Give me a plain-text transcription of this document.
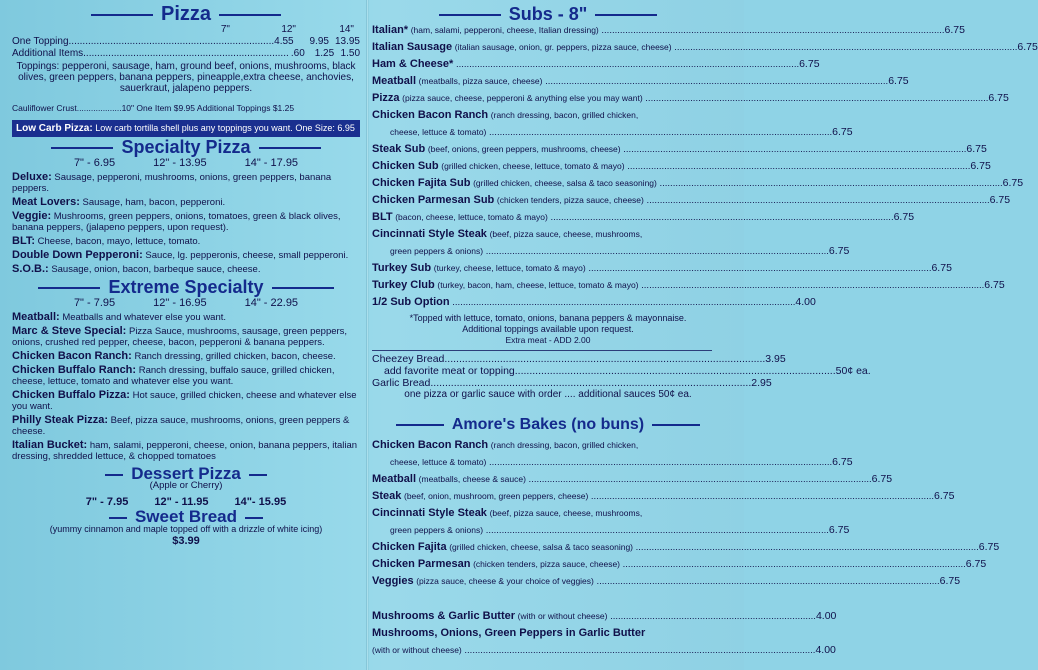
Pizza
7"	12"	14"
One Topping .......................................................................... 4.55	9.95 13.95
Additional Items .......................................................................... .60 1.25 1.50
Toppings: pepperoni, sausage, ham, ground beef, onions, mushrooms, black olives, green peppers, banana peppers, pineapple,extra cheese, anchovies, sauerkraut, jalapeno peppers.
Cauliflower Crust...................10" One Item $9.95 Additional Toppings $1.25
Low Carb Pizza: Low carb tortilla shell plus any toppings you want. One Size: 6.95
Specialty Pizza
7" - 6.95	12" - 13.95	14" - 17.95
Deluxe: Sausage, pepperoni, mushrooms, onions, green peppers, banana peppers.
Meat Lovers: Sausage, ham, bacon, pepperoni.
Veggie: Mushrooms, green peppers, onions, tomatoes, green & black olives, banana peppers, (jalapeno peppers, upon request).
BLT: Cheese, bacon, mayo, lettuce, tomato.
Double Down Pepperoni: Sauce, lg. pepperonis, cheese, small pepperoni.
S.O.B.: Sausage, onion, bacon, barbeque sauce, cheese.
Extreme Specialty
7" - 7.95	12" - 16.95	14" - 22.95
Meatball: Meatballs and whatever else you want.
Marc & Steve Special: Pizza Sauce, mushrooms, sausage, green peppers, onions, crushed red pepper, cheese, bacon, pepperoni & banana peppers.
Chicken Bacon Ranch: Ranch dressing, grilled chicken, bacon, cheese.
Chicken Buffalo Ranch: Ranch dressing, buffalo sauce, grilled chicken, cheese, lettuce, tomato and whatever else you want.
Chicken Buffalo Pizza: Hot sauce, grilled chicken, cheese and whatever else you want.
Philly Steak Pizza: Beef, pizza sauce, mushrooms, onions, green peppers & cheese.
Italian Bucket: ham, salami, pepperoni, cheese, onion, banana peppers, italian dressing, shredded lettuce, & chopped tomatoes
Dessert Pizza
(Apple or Cherry)
7" - 7.95 12" - 11.95 14"- 15.95
Sweet Bread
(yummy cinnamon and maple topped off with a drizzle of white icing)
$3.99
Subs - 8"
Italian* (ham, salami, pepperoni, cheese, Italian dressing) .................................................................................................................................. 6.75
Italian Sausage (italian sausage, onion, gr. peppers, pizza sauce, cheese) .................................................................................................................................. 6.75
Ham & Cheese* .................................................................................................................................. 6.75
Meatball (meatballs, pizza sauce, cheese) .................................................................................................................................. 6.75
Pizza (pizza sauce, cheese, pepperoni & anything else you may want) .................................................................................................................................. 6.75
Chicken Bacon Ranch (ranch dressing, bacon, grilled chicken,
cheese, lettuce & tomato) .................................................................................................................................. 6.75
Steak Sub (beef, onions, green peppers, mushrooms, cheese) .................................................................................................................................. 6.75
Chicken Sub (grilled chicken, cheese, lettuce, tomato & mayo) .................................................................................................................................. 6.75
Chicken Fajita Sub (grilled chicken, cheese, salsa & taco seasoning) .................................................................................................................................. 6.75
Chicken Parmesan Sub (chicken tenders, pizza sauce, cheese) .................................................................................................................................. 6.75
BLT (bacon, cheese, lettuce, tomato & mayo) .................................................................................................................................. 6.75
Cincinnati Style Steak (beef, pizza sauce, cheese, mushrooms,
green peppers & onions) .................................................................................................................................. 6.75
Turkey Sub (turkey, cheese, lettuce, tomato & mayo) .................................................................................................................................. 6.75
Turkey Club (turkey, bacon, ham, cheese, lettuce, tomato & mayo) .................................................................................................................................. 6.75
1/2 Sub Option .................................................................................................................................. 4.00
*Topped with lettuce, tomato, onions, banana peppers & mayonnaise.
Additional toppings available upon request.
Extra meat - ADD 2.00
Cheezey Bread .............................................................................................................. 3.95
add favorite meat or topping .............................................................................................................. 50¢ ea.
Garlic Bread .............................................................................................................. 2.95
one pizza or garlic sauce with order .... additional sauces 50¢ ea.
Amore's Bakes (no buns)
Chicken Bacon Ranch (ranch dressing, bacon, grilled chicken,
cheese, lettuce & tomato) .................................................................................................................................. 6.75
Meatball (meatballs, cheese & sauce) .................................................................................................................................. 6.75
Steak (beef, onion, mushroom, green peppers, cheese) .................................................................................................................................. 6.75
Cincinnati Style Steak (beef, pizza sauce, cheese, mushrooms,
green peppers & onions) .................................................................................................................................. 6.75
Chicken Fajita (grilled chicken, cheese, salsa & taco seasoning) .................................................................................................................................. 6.75
Chicken Parmesan (chicken tenders, pizza sauce, cheese) .................................................................................................................................. 6.75
Veggies (pizza sauce, cheese & your choice of veggies) .................................................................................................................................. 6.75
Mushrooms & Garlic Butter (with or without cheese) .............................................................................. 4.00
Mushrooms, Onions, Green Peppers in Garlic Butter
(with or without cheese) ..................................................................................................................................... 4.00
